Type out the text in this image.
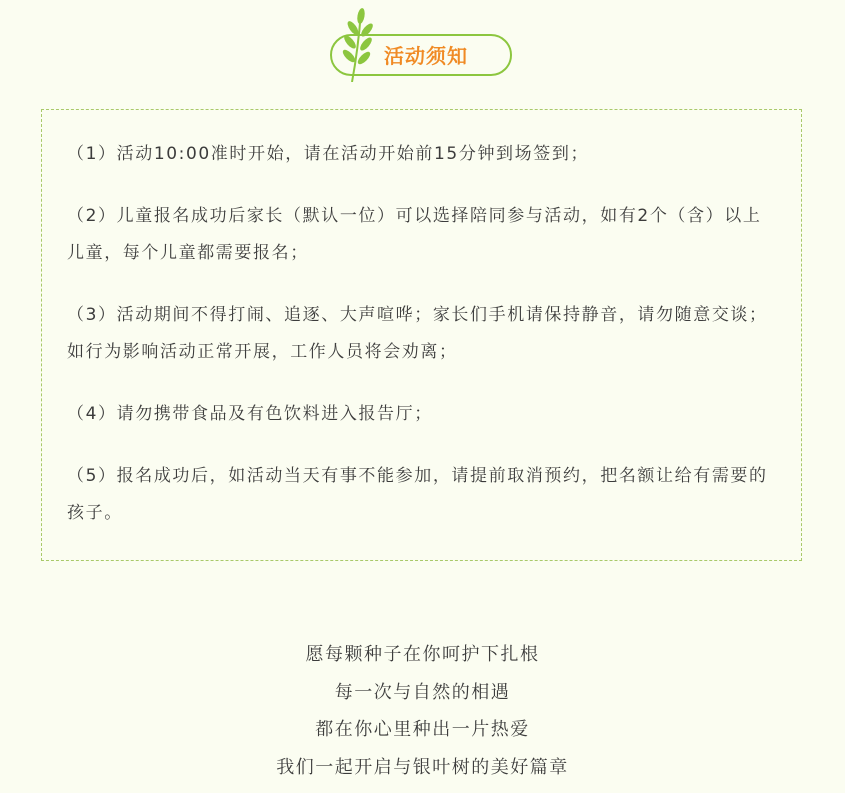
活动须知
（1）活动10:00准时开始，请在活动开始前15分钟到场签到；
（2）儿童报名成功后家长（默认一位）可以选择陪同参与活动，如有2个（含）以上儿童，每个儿童都需要报名；
（3）活动期间不得打闹、追逐、大声喧哗；家长们手机请保持静音，请勿随意交谈；如行为影响活动正常开展，工作人员将会劝离；
（4）请勿携带食品及有色饮料进入报告厅；
（5）报名成功后，如活动当天有事不能参加，请提前取消预约，把名额让给有需要的孩子。
愿每颗种子在你呵护下扎根
每一次与自然的相遇
都在你心里种出一片热爱
我们一起开启与银叶树的美好篇章
